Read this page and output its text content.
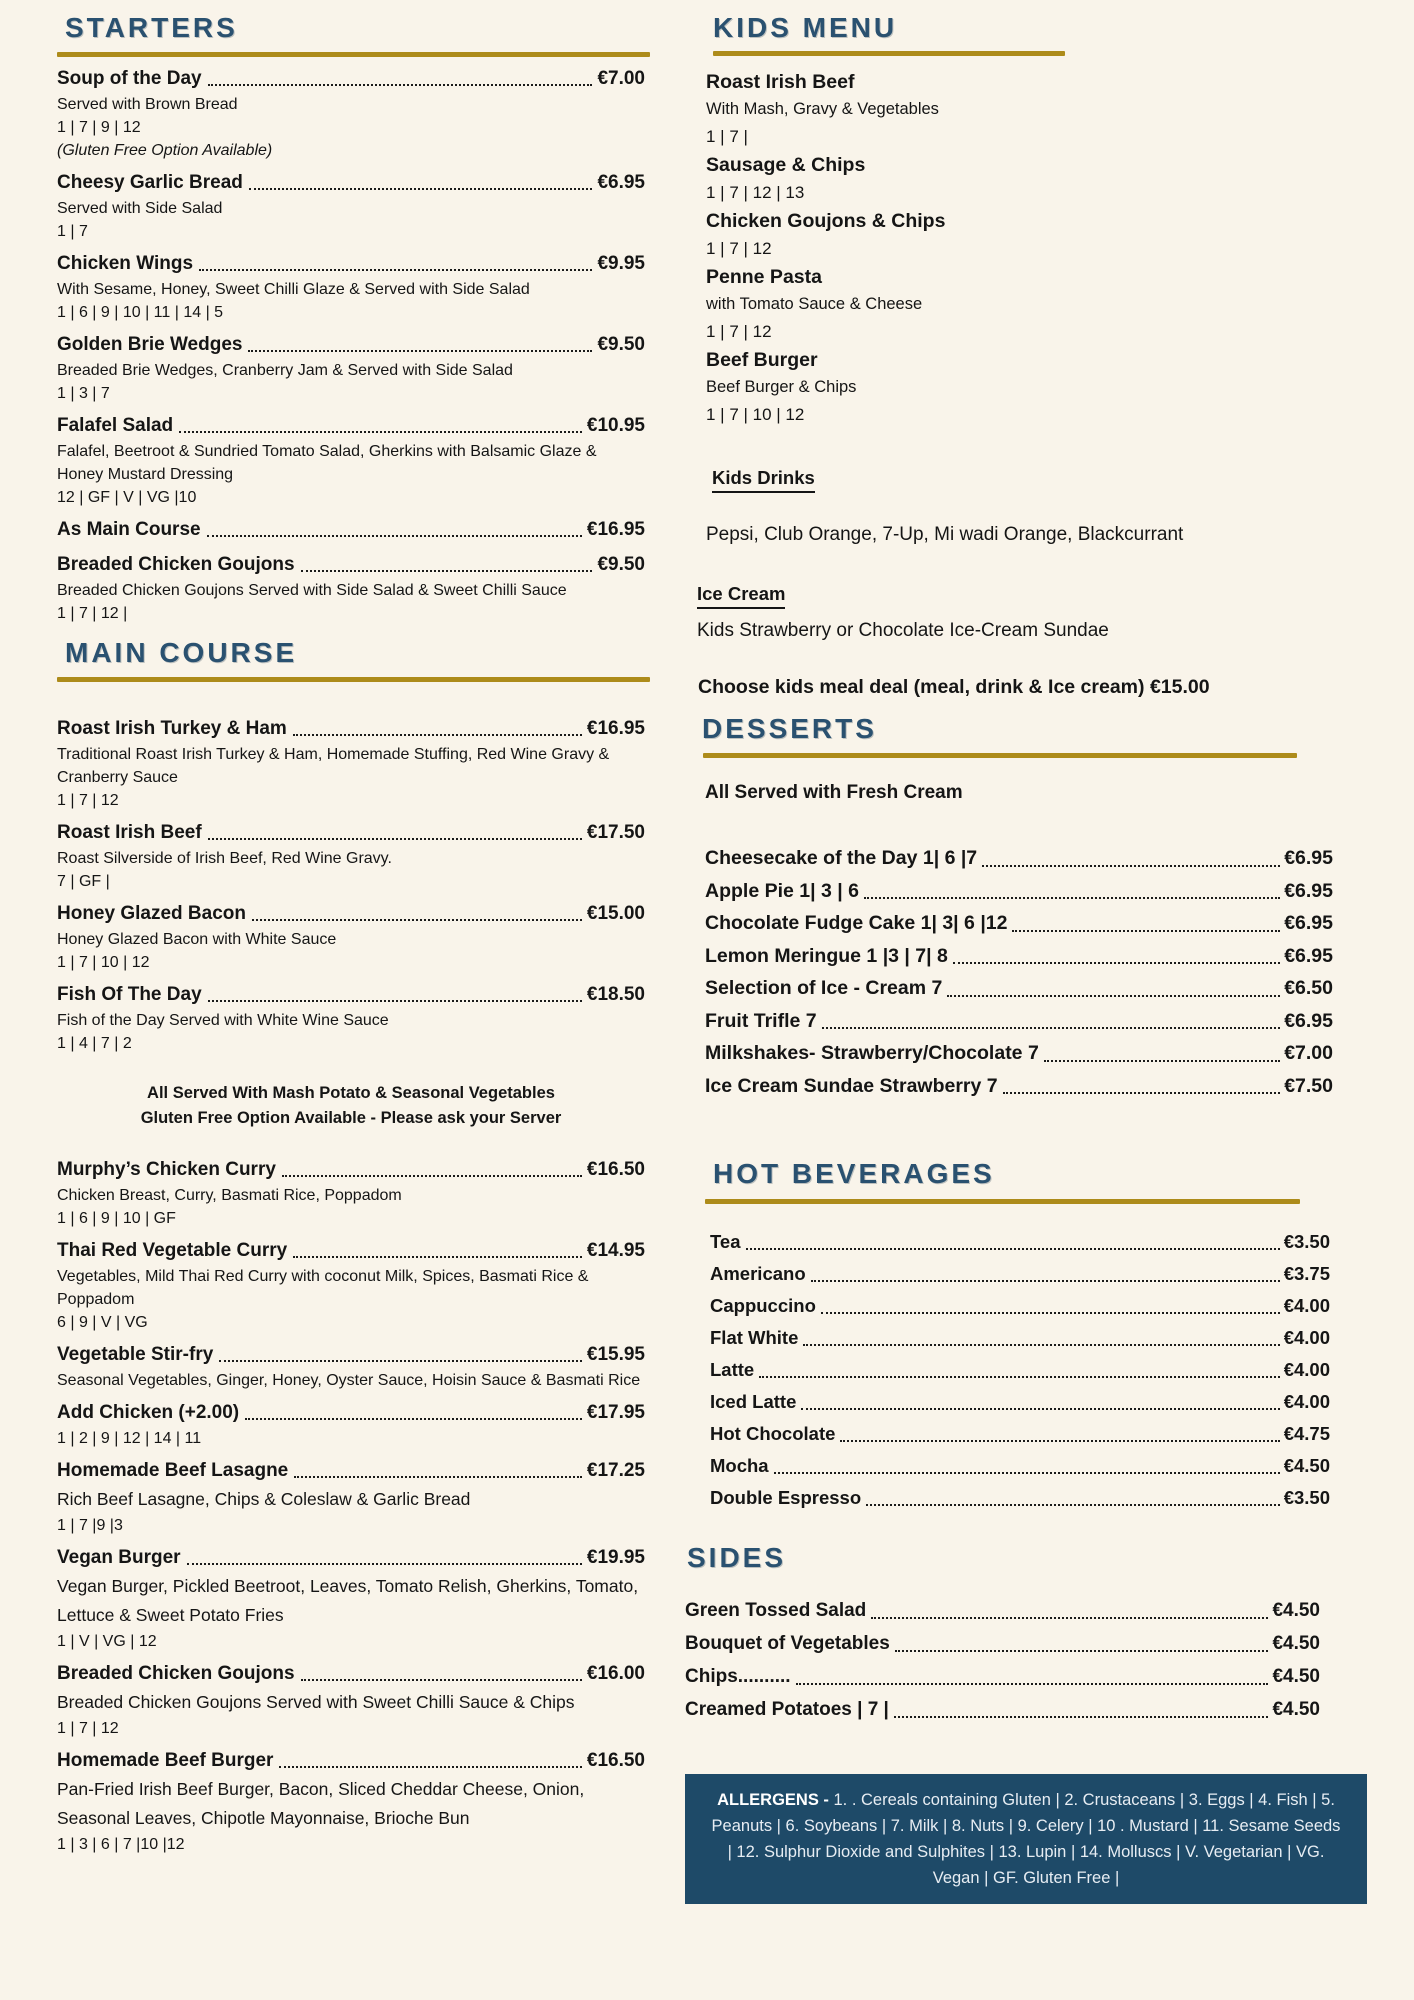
STARTERS
Soup of the Day	€7.00
Served with Brown Bread
1 | 7 | 9 | 12
(Gluten Free Option Available)
Cheesy Garlic Bread	€6.95
Served with Side Salad
1 | 7
Chicken Wings	€9.95
With Sesame, Honey, Sweet Chilli Glaze & Served with Side Salad
1 | 6 | 9 | 10 | 11 | 14 | 5
Golden Brie Wedges	€9.50
Breaded Brie Wedges, Cranberry Jam & Served with Side Salad
1 | 3 | 7
Falafel Salad	€10.95
Falafel, Beetroot & Sundried Tomato Salad, Gherkins with Balsamic Glaze & Honey Mustard Dressing
12 | GF | V | VG |10
As Main Course	€16.95
Breaded Chicken Goujons	€9.50
Breaded Chicken Goujons Served with Side Salad & Sweet Chilli Sauce
1 | 7 | 12 |
MAIN COURSE
Roast Irish Turkey & Ham	€16.95
Traditional Roast Irish Turkey & Ham, Homemade Stuffing, Red Wine Gravy & Cranberry Sauce
1 | 7 | 12
Roast Irish Beef	€17.50
Roast Silverside of Irish Beef, Red Wine Gravy.
7 | GF |
Honey Glazed Bacon	€15.00
Honey Glazed Bacon with White Sauce
1 | 7 | 10 | 12
Fish Of The Day	€18.50
Fish of the Day Served with White Wine Sauce
1 | 4 | 7 | 2
All Served With Mash Potato & Seasonal Vegetables
Gluten Free Option Available - Please ask your Server
Murphy’s Chicken Curry	€16.50
Chicken Breast, Curry, Basmati Rice, Poppadom
1 | 6 | 9 | 10 | GF
Thai Red Vegetable Curry	€14.95
Vegetables, Mild Thai Red Curry with coconut Milk, Spices, Basmati Rice & Poppadom
6 | 9 | V | VG
Vegetable Stir-fry	€15.95
Seasonal Vegetables, Ginger, Honey, Oyster Sauce, Hoisin Sauce & Basmati Rice
Add Chicken (+2.00)	€17.95
1 | 2 | 9 | 12 | 14 | 11
Homemade Beef Lasagne	€17.25
Rich Beef Lasagne, Chips & Coleslaw & Garlic Bread
1 | 7 |9 |3
Vegan Burger	€19.95
Vegan Burger, Pickled Beetroot, Leaves, Tomato Relish, Gherkins, Tomato, Lettuce & Sweet Potato Fries
1 | V | VG | 12
Breaded Chicken Goujons	€16.00
Breaded Chicken Goujons Served with Sweet Chilli Sauce & Chips
1 | 7 | 12
Homemade Beef Burger	€16.50
Pan-Fried Irish Beef Burger, Bacon, Sliced Cheddar Cheese, Onion, Seasonal Leaves, Chipotle Mayonnaise, Brioche Bun
1 | 3 | 6 | 7 |10 |12
KIDS MENU
Roast Irish Beef
With Mash, Gravy & Vegetables
1 | 7 |
Sausage & Chips
1 | 7 | 12 | 13
Chicken Goujons & Chips
1 | 7 | 12
Penne Pasta
with Tomato Sauce & Cheese
1 | 7 | 12
Beef Burger
Beef Burger & Chips
1 | 7 | 10 | 12
Kids Drinks
Pepsi, Club Orange, 7-Up, Mi wadi Orange, Blackcurrant
Ice Cream
Kids Strawberry or Chocolate Ice-Cream Sundae
Choose kids meal deal (meal, drink & Ice cream) €15.00
DESSERTS
All Served with Fresh Cream
Cheesecake of the Day 1| 6 |7	€6.95
Apple Pie 1| 3 | 6	€6.95
Chocolate Fudge Cake 1| 3| 6 |12	€6.95
Lemon Meringue 1 |3 | 7| 8	€6.95
Selection of Ice - Cream 7	€6.50
Fruit Trifle 7	€6.95
Milkshakes- Strawberry/Chocolate 7	€7.00
Ice Cream Sundae Strawberry 7	€7.50
HOT BEVERAGES
Tea	€3.50
Americano	€3.75
Cappuccino	€4.00
Flat White	€4.00
Latte	€4.00
Iced Latte	€4.00
Hot Chocolate	€4.75
Mocha	€4.50
Double Espresso	€3.50
SIDES
Green Tossed Salad	€4.50
Bouquet of Vegetables	€4.50
Chips..........	€4.50
Creamed Potatoes | 7 |	€4.50
ALLERGENS - 1. . Cereals containing Gluten | 2. Crustaceans | 3. Eggs | 4. Fish | 5. Peanuts | 6. Soybeans | 7. Milk | 8. Nuts | 9. Celery | 10 . Mustard | 11. Sesame Seeds | 12. Sulphur Dioxide and Sulphites | 13. Lupin | 14. Molluscs | V. Vegetarian | VG. Vegan | GF. Gluten Free |
